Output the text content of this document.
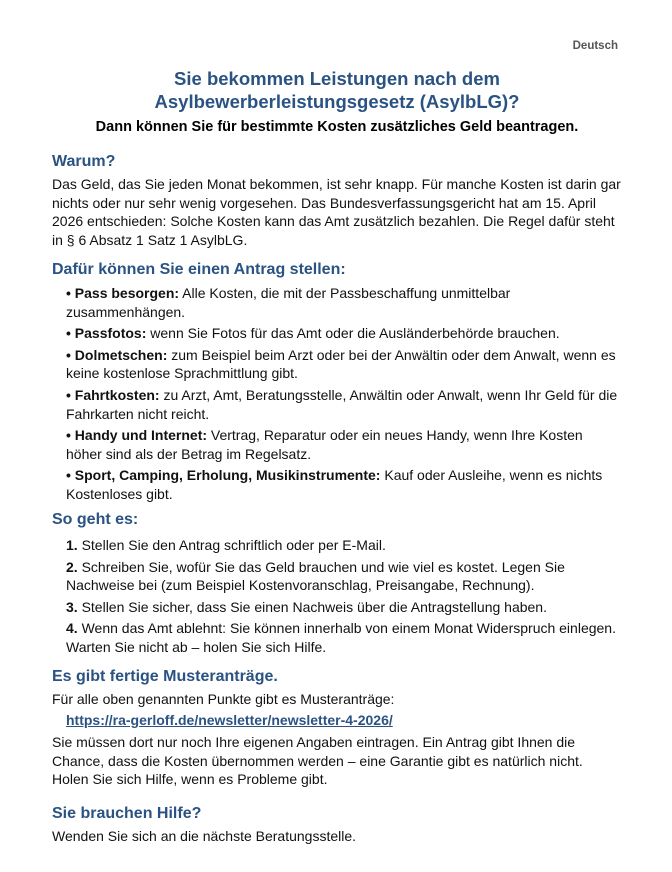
Deutsch
Sie bekommen Leistungen nach dem
Asylbewerberleistungsgesetz (AsylbLG)?

Dann können Sie für bestimmte Kosten zusätzliches Geld beantragen.

Warum?

Das Geld, das Sie jeden Monat bekommen, ist sehr knapp. Für manche Kosten ist darin gar nichts oder nur sehr wenig vorgesehen. Das Bundesverfassungsgericht hat am 15. April 2026 entschieden: Solche Kosten kann das Amt zusätzlich bezahlen. Die Regel dafür steht in § 6 Absatz 1 Satz 1 AsylbLG.

Dafür können Sie einen Antrag stellen:
• Pass besorgen: Alle Kosten, die mit der Passbeschaffung unmittelbar zusammenhängen.
• Passfotos: wenn Sie Fotos für das Amt oder die Ausländerbehörde brauchen.
• Dolmetschen: zum Beispiel beim Arzt oder bei der Anwältin oder dem Anwalt, wenn es keine kostenlose Sprachmittlung gibt.
• Fahrtkosten: zu Arzt, Amt, Beratungsstelle, Anwältin oder Anwalt, wenn Ihr Geld für die Fahrkarten nicht reicht.
• Handy und Internet: Vertrag, Reparatur oder ein neues Handy, wenn Ihre Kosten höher sind als der Betrag im Regelsatz.
• Sport, Camping, Erholung, Musikinstrumente: Kauf oder Ausleihe, wenn es nichts Kostenloses gibt.
So geht es:
1. Stellen Sie den Antrag schriftlich oder per E-Mail.
2. Schreiben Sie, wofür Sie das Geld brauchen und wie viel es kostet. Legen Sie Nachweise bei (zum Beispiel Kostenvoranschlag, Preisangabe, Rechnung).
3. Stellen Sie sicher, dass Sie einen Nachweis über die Antragstellung haben.
4. Wenn das Amt ablehnt: Sie können innerhalb von einem Monat Widerspruch einlegen. Warten Sie nicht ab – holen Sie sich Hilfe.
Es gibt fertige Musteranträge.

Für alle oben genannten Punkte gibt es Musteranträge:

https://ra-gerloff.de/newsletter/newsletter-4-2026/

Sie müssen dort nur noch Ihre eigenen Angaben eintragen. Ein Antrag gibt Ihnen die Chance, dass die Kosten übernommen werden – eine Garantie gibt es natürlich nicht. Holen Sie sich Hilfe, wenn es Probleme gibt.

Sie brauchen Hilfe?

Wenden Sie sich an die nächste Beratungsstelle.
